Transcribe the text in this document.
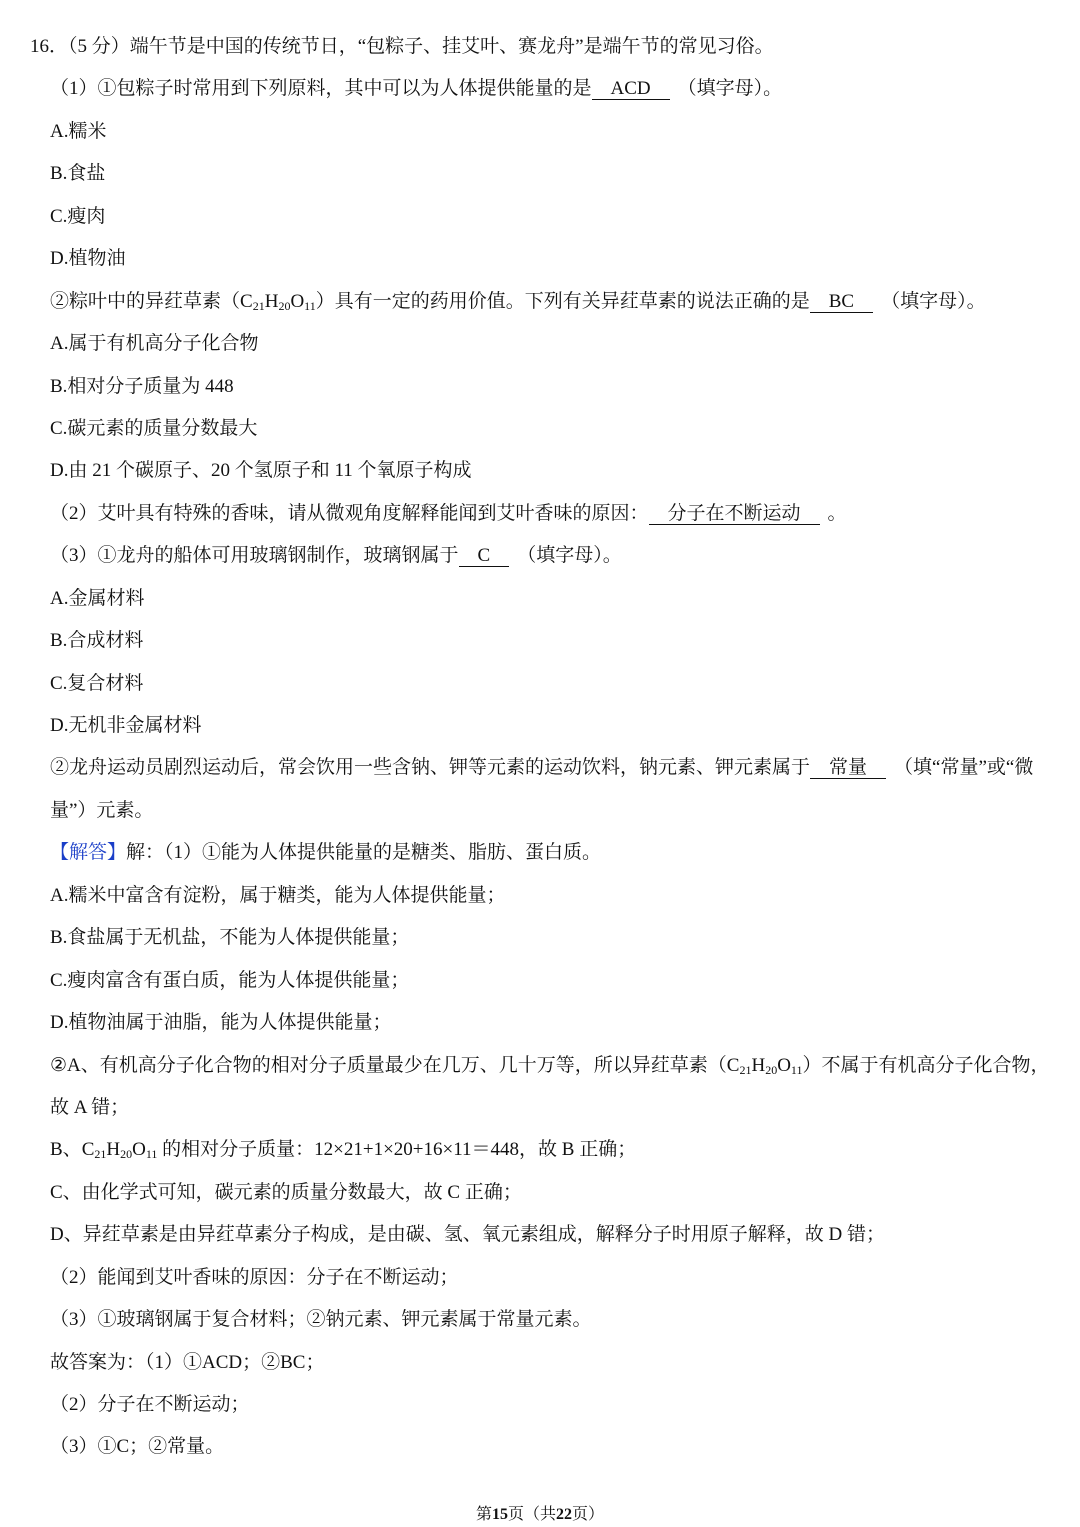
16．（5 分）端午节是中国的传统节日，“包粽子、挂艾叶、赛龙舟”是端午节的常见习俗。
（1）①包粽子时常用到下列原料，其中可以为人体提供能量的是 ACD （填字母）。
A.糯米
B.食盐
C.瘦肉
D.植物油
②粽叶中的异荭草素$(C_{21}H_{20}O_{11})$具有一定的药用价值。下列有关异荭草素的说法正确的是 BC （填字母）。
A.属于有机高分子化合物
B.相对分子质量为 448
C.碳元素的质量分数最大
D.由 21 个碳原子、20 个氢原子和 11 个氧原子构成
（2）艾叶具有特殊的香味，请从微观角度解释能闻到艾叶香味的原因： 分子在不断运动 。
（3）①龙舟的船体可用玻璃钢制作，玻璃钢属于 C （填字母）。
A.金属材料
B.合成材料
C.复合材料
D.无机非金属材料
②龙舟运动员剧烈运动后，常会饮用一些含钠、钾等元素的运动饮料，钠元素、钾元素属于 常量 （填“常量”或“微
量”）元素。
【解答】解：（1）①能为人体提供能量的是糖类、脂肪、蛋白质。
A.糯米中富含有淀粉，属于糖类，能为人体提供能量；
B.食盐属于无机盐，不能为人体提供能量；
C.瘦肉富含有蛋白质，能为人体提供能量；
D.植物油属于油脂，能为人体提供能量；
②A、有机高分子化合物的相对分子质量最少在几万、几十万等，所以异荭草素$(C_{21}H_{20}O_{11})$不属于有机高分子化合物，
故 A 错；
B、$C_{21}H_{20}O_{11}$ 的相对分子质量：12×21+1×20+16×11＝448，故 B 正确；
C、由化学式可知，碳元素的质量分数最大，故 C 正确；
D、异荭草素是由异荭草素分子构成，是由碳、氢、氧元素组成，解释分子时用原子解释，故 D 错；
（2）能闻到艾叶香味的原因：分子在不断运动；
（3）①玻璃钢属于复合材料；②钠元素、钾元素属于常量元素。
故答案为：（1）①ACD；②BC；
（2）分子在不断运动；
（3）①C；②常量。
第15页（共22页）
